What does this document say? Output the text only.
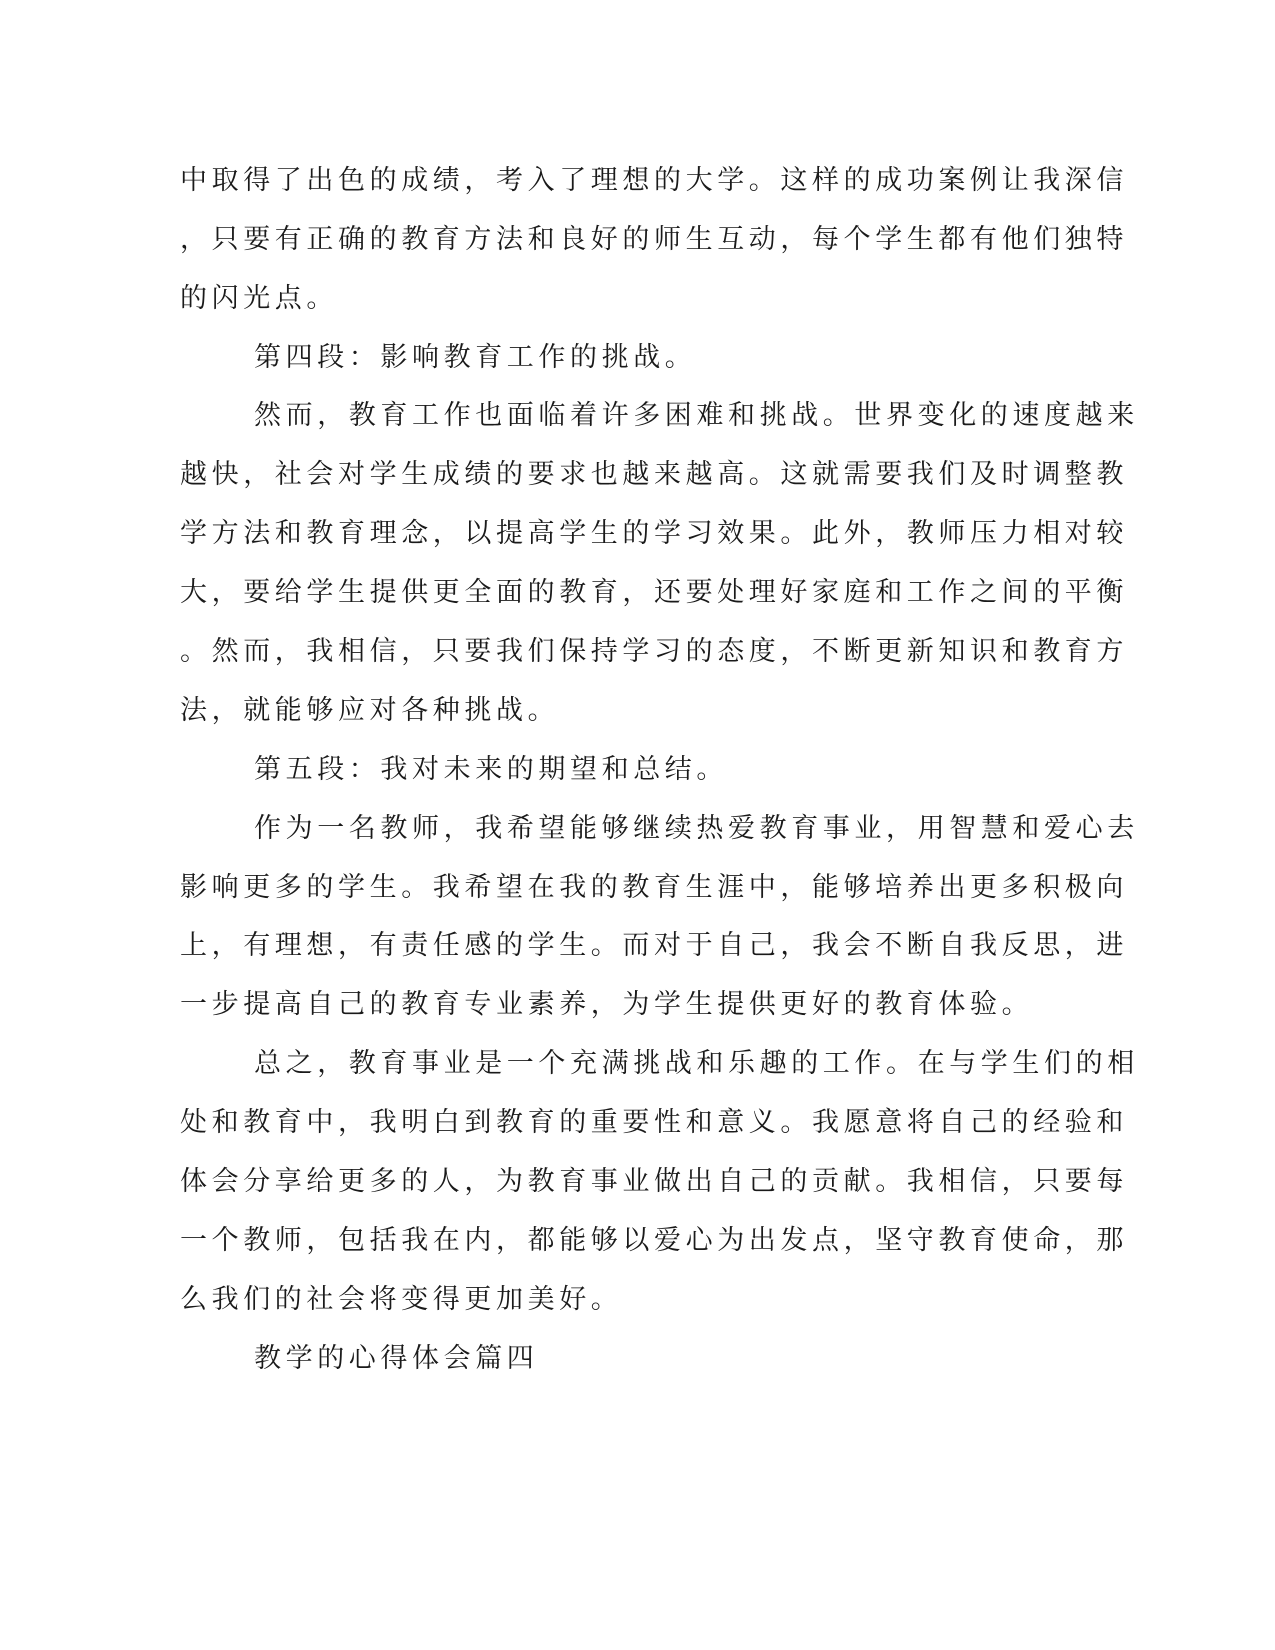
中取得了出色的成绩，考入了理想的大学。这样的成功案例让我深信
，只要有正确的教育方法和良好的师生互动，每个学生都有他们独特
的闪光点。
第四段：影响教育工作的挑战。
然而，教育工作也面临着许多困难和挑战。世界变化的速度越来
越快，社会对学生成绩的要求也越来越高。这就需要我们及时调整教
学方法和教育理念，以提高学生的学习效果。此外，教师压力相对较
大，要给学生提供更全面的教育，还要处理好家庭和工作之间的平衡
。然而，我相信，只要我们保持学习的态度，不断更新知识和教育方
法，就能够应对各种挑战。
第五段：我对未来的期望和总结。
作为一名教师，我希望能够继续热爱教育事业，用智慧和爱心去
影响更多的学生。我希望在我的教育生涯中，能够培养出更多积极向
上，有理想，有责任感的学生。而对于自己，我会不断自我反思，进
一步提高自己的教育专业素养，为学生提供更好的教育体验。
总之，教育事业是一个充满挑战和乐趣的工作。在与学生们的相
处和教育中，我明白到教育的重要性和意义。我愿意将自己的经验和
体会分享给更多的人，为教育事业做出自己的贡献。我相信，只要每
一个教师，包括我在内，都能够以爱心为出发点，坚守教育使命，那
么我们的社会将变得更加美好。
教学的心得体会篇四
